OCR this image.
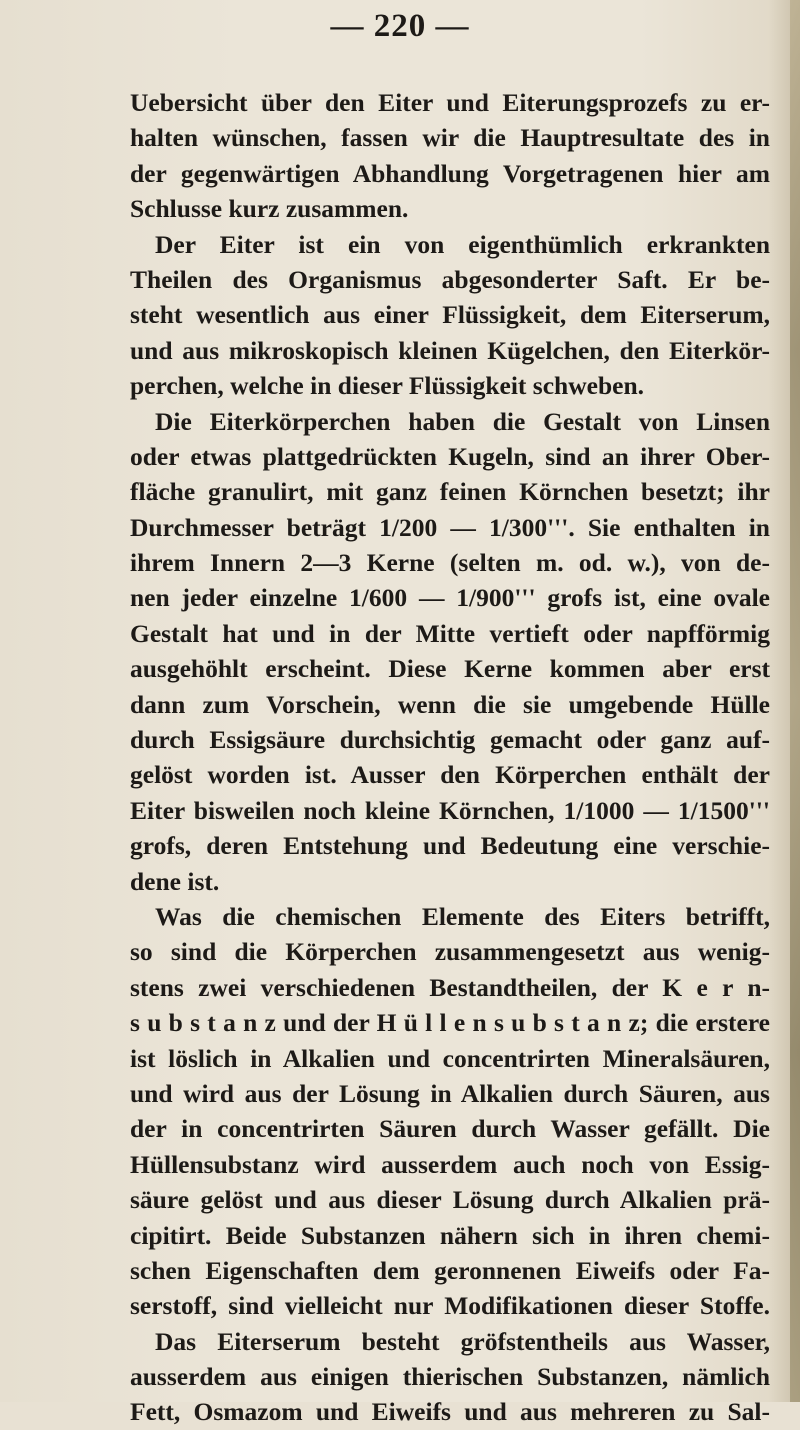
— 220 —
Uebersicht über den Eiter und Eiterungsprozefs zu er-
halten wünschen, fassen wir die Hauptresultate des in
der gegenwärtigen Abhandlung Vorgetragenen hier am
Schlusse kurz zusammen.
Der Eiter ist ein von eigenthümlich erkrankten
Theilen des Organismus abgesonderter Saft. Er be-
steht wesentlich aus einer Flüssigkeit, dem Eiterserum,
und aus mikroskopisch kleinen Kügelchen, den Eiterkör-
perchen, welche in dieser Flüssigkeit schweben.
Die Eiterkörperchen haben die Gestalt von Linsen
oder etwas plattgedrückten Kugeln, sind an ihrer Ober-
fläche granulirt, mit ganz feinen Körnchen besetzt; ihr
Durchmesser beträgt 1/200 — 1/300'''. Sie enthalten in
ihrem Innern 2—3 Kerne (selten m. od. w.), von de-
nen jeder einzelne 1/600 — 1/900''' grofs ist, eine ovale
Gestalt hat und in der Mitte vertieft oder napfförmig
ausgehöhlt erscheint. Diese Kerne kommen aber erst
dann zum Vorschein, wenn die sie umgebende Hülle
durch Essigsäure durchsichtig gemacht oder ganz auf-
gelöst worden ist. Ausser den Körperchen enthält der
Eiter bisweilen noch kleine Körnchen, 1/1000 — 1/1500'''
grofs, deren Entstehung und Bedeutung eine verschie-
dene ist.
Was die chemischen Elemente des Eiters betrifft,
so sind die Körperchen zusammengesetzt aus wenig-
stens zwei verschiedenen Bestandtheilen, der K e r n-
s u b s t a n z und der H ü l l e n s u b s t a n z; die erstere
ist löslich in Alkalien und concentrirten Mineralsäuren,
und wird aus der Lösung in Alkalien durch Säuren, aus
der in concentrirten Säuren durch Wasser gefällt. Die
Hüllensubstanz wird ausserdem auch noch von Essig-
säure gelöst und aus dieser Lösung durch Alkalien prä-
cipitirt. Beide Substanzen nähern sich in ihren chemi-
schen Eigenschaften dem geronnenen Eiweifs oder Fa-
serstoff, sind vielleicht nur Modifikationen dieser Stoffe.
Das Eiterserum besteht gröfstentheils aus Wasser,
ausserdem aus einigen thierischen Substanzen, nämlich
Fett, Osmazom und Eiweifs und aus mehreren zu Sal-
